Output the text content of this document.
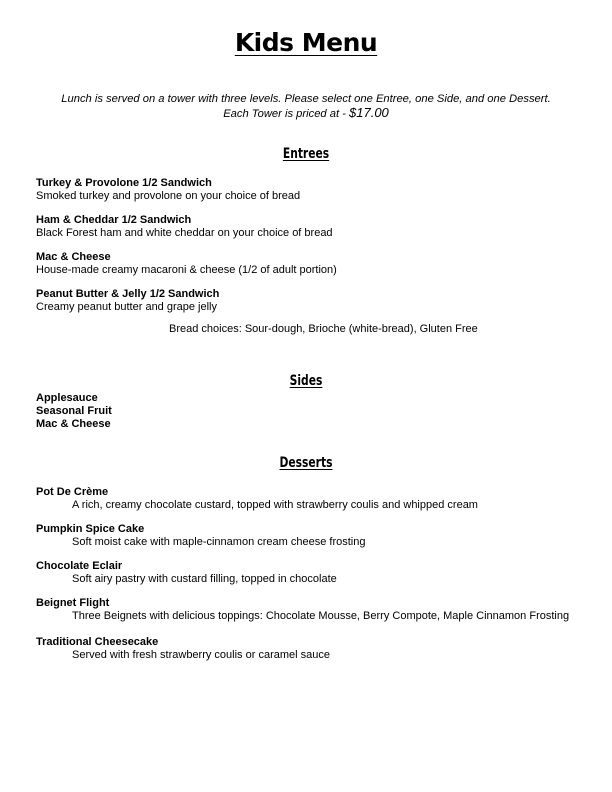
Kids Menu
Lunch is served on a tower with three levels. Please select one Entree, one Side, and one Dessert.
Each Tower is priced at - $17.00
Entrees
Turkey & Provolone 1/2 Sandwich
Smoked turkey and provolone on your choice of bread
Ham & Cheddar 1/2 Sandwich
Black Forest ham and white cheddar on your choice of bread
Mac & Cheese
House-made creamy macaroni & cheese (1/2 of adult portion)
Peanut Butter & Jelly 1/2 Sandwich
Creamy peanut butter and grape jelly
Bread choices: Sour-dough, Brioche (white-bread), Gluten Free
Sides
Applesauce
Seasonal Fruit
Mac & Cheese
Desserts
Pot De Crème
A rich, creamy chocolate custard, topped with strawberry coulis and whipped cream
Pumpkin Spice Cake
Soft moist cake with maple-cinnamon cream cheese frosting
Chocolate Eclair
Soft airy pastry with custard filling, topped in chocolate
Beignet Flight
Three Beignets with delicious toppings: Chocolate Mousse, Berry Compote, Maple Cinnamon Frosting
Traditional Cheesecake
Served with fresh strawberry coulis or caramel sauce
